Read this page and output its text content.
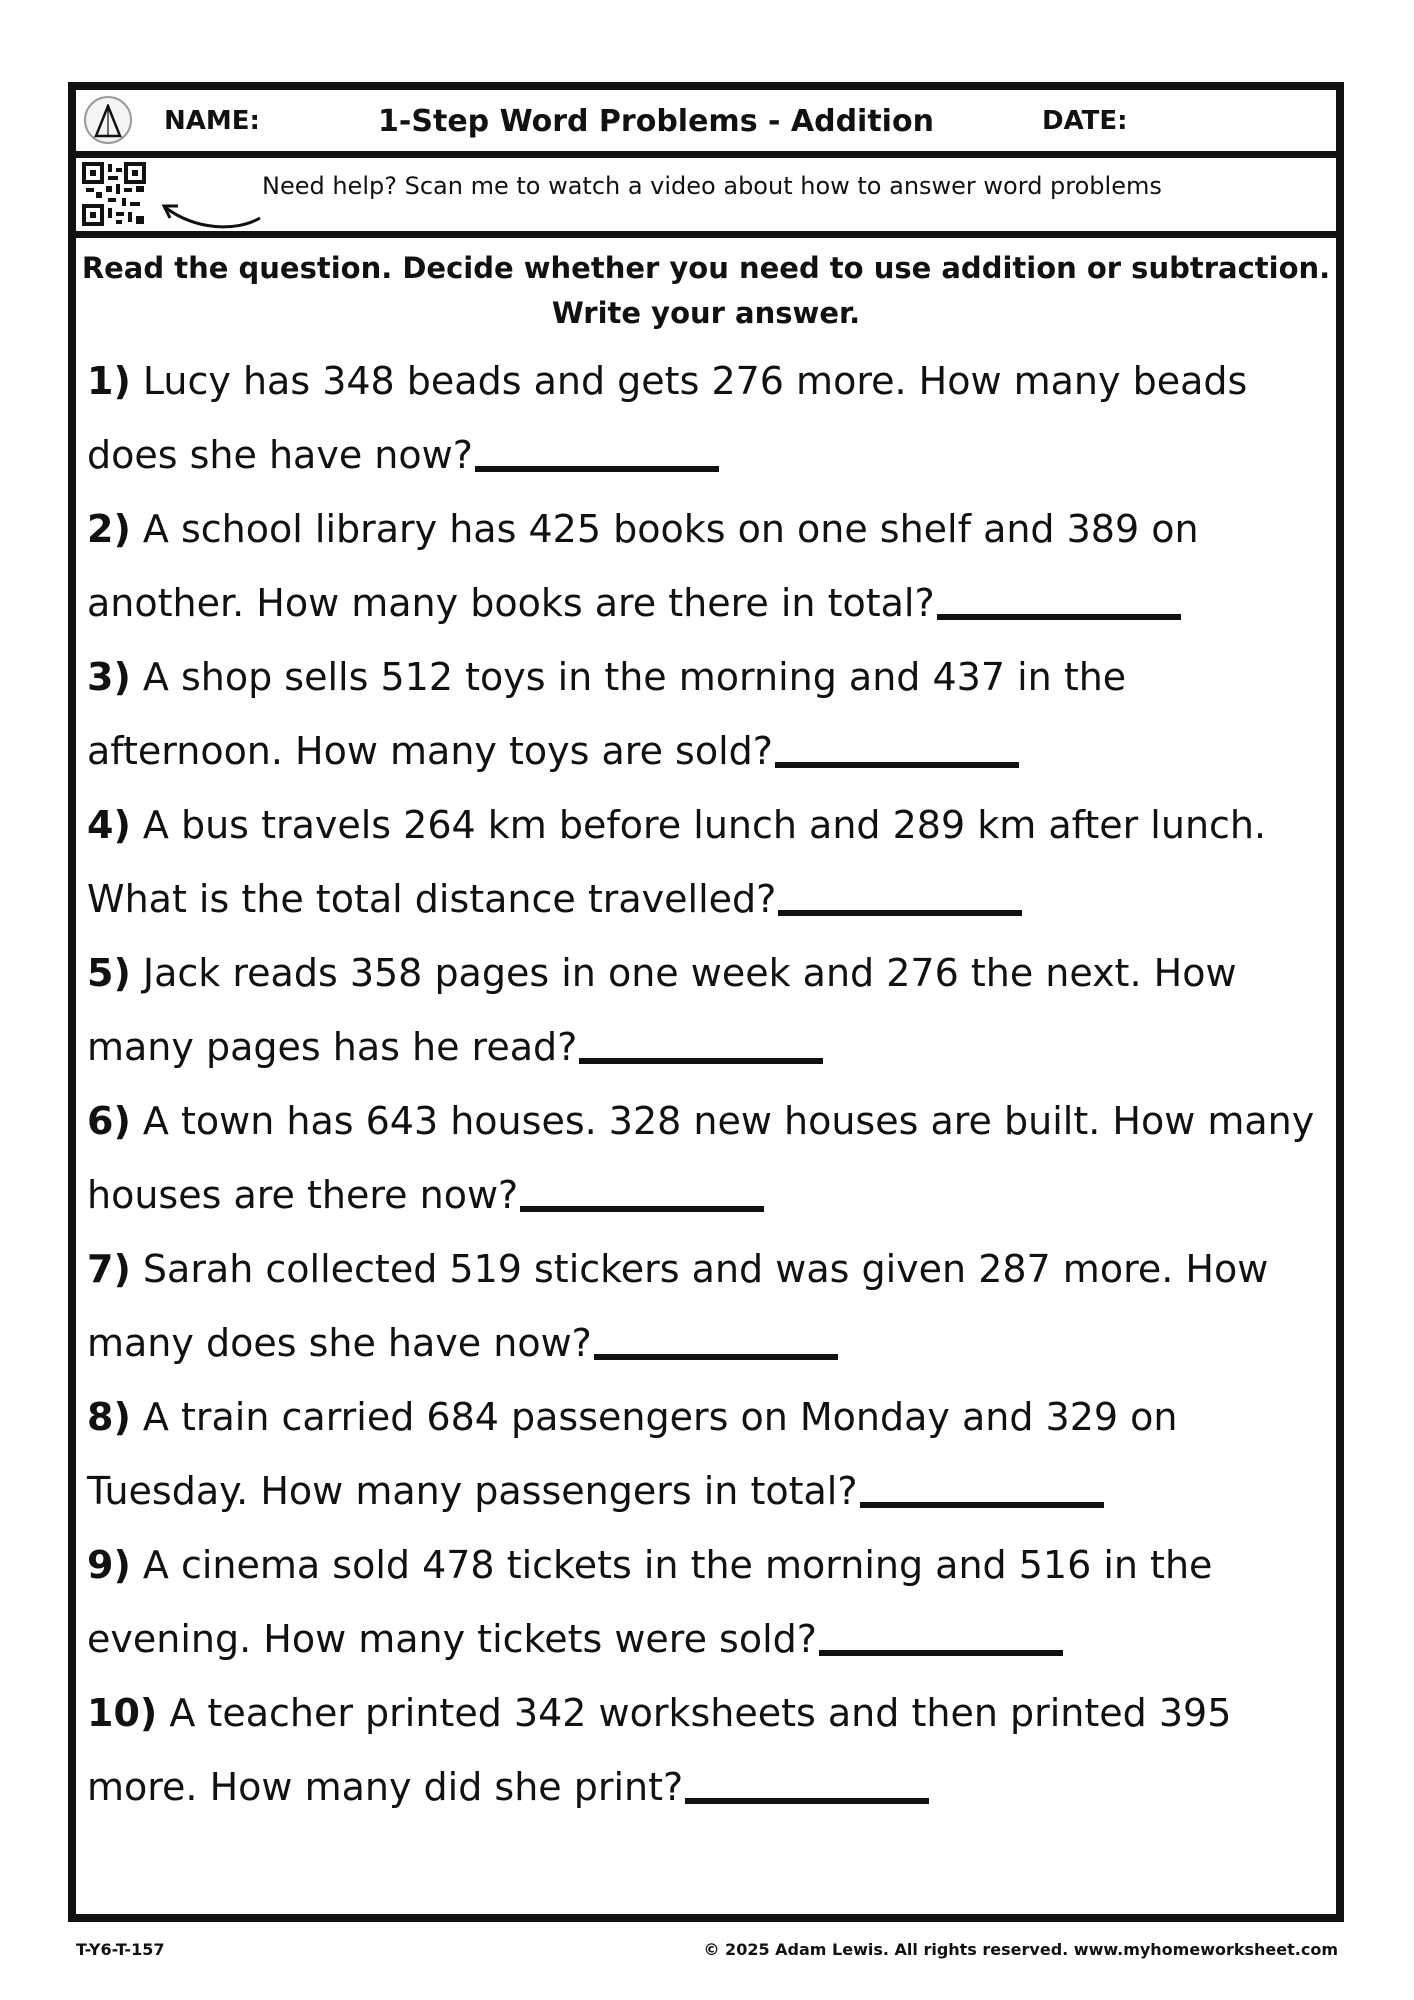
NAME:	1-Step Word Problems - Addition	DATE:
Need help? Scan me to watch a video about how to answer word problems
Read the question. Decide whether you need to use addition or subtraction.
Write your answer.

1) Lucy has 348 beads and gets 276 more. How many beads does she have now?

2) A school library has 425 books on one shelf and 389 on another. How many books are there in total?

3) A shop sells 512 toys in the morning and 437 in the afternoon. How many toys are sold?

4) A bus travels 264 km before lunch and 289 km after lunch. What is the total distance travelled?

5) Jack reads 358 pages in one week and 276 the next. How many pages has he read?

6) A town has 643 houses. 328 new houses are built. How many houses are there now?

7) Sarah collected 519 stickers and was given 287 more. How many does she have now?

8) A train carried 684 passengers on Monday and 329 on Tuesday. How many passengers in total?

9) A cinema sold 478 tickets in the morning and 516 in the evening. How many tickets were sold?

10) A teacher printed 342 worksheets and then printed 395 more. How many did she print?

T-Y6-T-157	© 2025 Adam Lewis. All rights reserved. www.myhomeworksheet.com
